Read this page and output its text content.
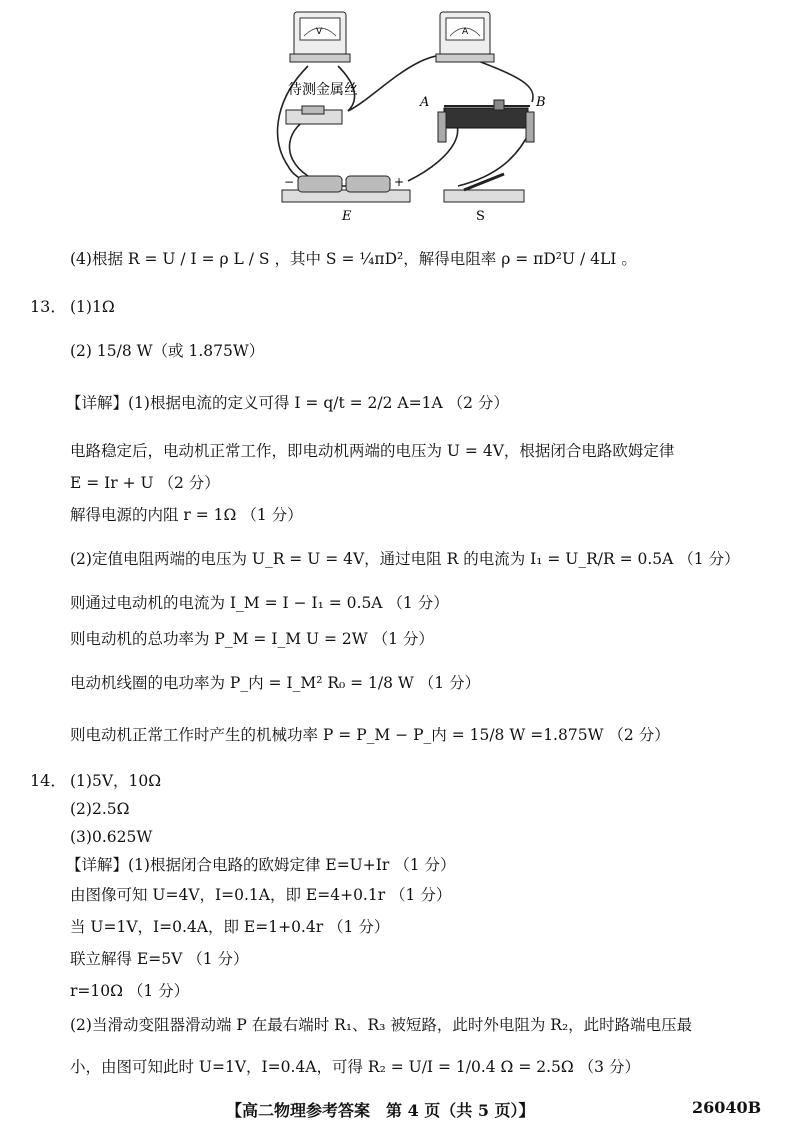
V	A
待测金属丝
A	B
−	+
E	S
(4)根据 R = U / I = ρ L / S ，其中 S = ¼πD²，解得电阻率 ρ = πD²U / 4LI 。
13． (1)1Ω
(2) 15/8 W（或 1.875W）
【详解】(1)根据电流的定义可得 I = q/t = 2/2 A=1A （2 分）
电路稳定后，电动机正常工作，即电动机两端的电压为 U = 4V，根据闭合电路欧姆定律
E = Ir + U （2 分）
解得电源的内阻 r = 1Ω （1 分）
(2)定值电阻两端的电压为 U_R = U = 4V，通过电阻 R 的电流为 I₁ = U_R/R = 0.5A （1 分）
则通过电动机的电流为 I_M = I − I₁ = 0.5A （1 分）
则电动机的总功率为 P_M = I_M U = 2W （1 分）
电动机线圈的电功率为 P_内 = I_M² R₀ = 1/8 W （1 分）
则电动机正常工作时产生的机械功率 P = P_M − P_内 = 15/8 W =1.875W （2 分）
14． (1)5V，10Ω
(2)2.5Ω
(3)0.625W
【详解】(1)根据闭合电路的欧姆定律 E=U+Ir （1 分）
由图像可知 U=4V，I=0.1A，即 E=4+0.1r （1 分）
当 U=1V，I=0.4A，即 E=1+0.4r （1 分）
联立解得 E=5V （1 分）
r=10Ω （1 分）
(2)当滑动变阻器滑动端 P 在最右端时 R₁、R₃ 被短路，此时外电阻为 R₂，此时路端电压最
小，由图可知此时 U=1V，I=0.4A，可得 R₂ = U/I = 1/0.4 Ω = 2.5Ω （3 分）
【高二物理参考答案　第 4 页（共 5 页）】	26040B
